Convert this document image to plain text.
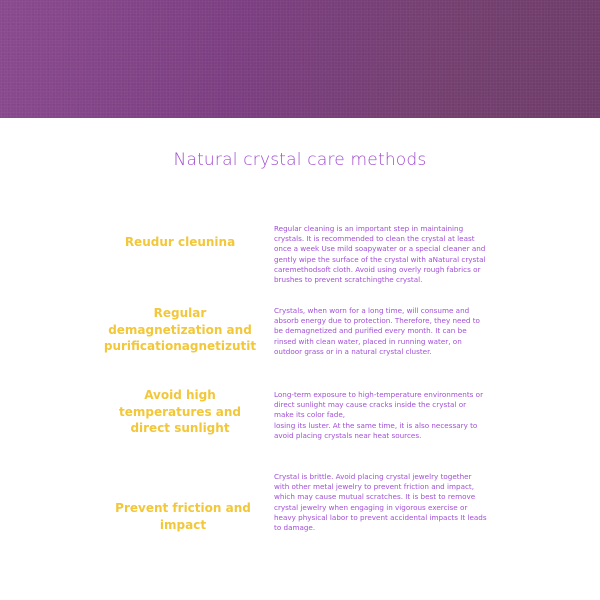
Natural crystal care methods
Reudur cleunina

Regular cleaning is an important step in maintaining crystals. It is recommended to clean the crystal at least once a week Use mild soapywater or a special cleaner and gently wipe the surface of the crystal with aNatural crystal caremethodsoft cloth. Avoid using overly rough fabrics or brushes to prevent scratchingthe crystal.

Regular demagnetization and purificationagnetizutit

Crystals, when worn for a long time, will consume and absorb energy due to protection. Therefore, they need to be demagnetized and purified every month. It can be rinsed with clean water, placed in running water, on outdoor grass or in a natural crystal cluster.

Avoid high temperatures and direct sunlight

Long-term exposure to high-temperature environments or direct sunlight may cause cracks inside the crystal or make its color fade,
losing its luster. At the same time, it is also necessary to avoid placing crystals near heat sources.

Prevent friction and impact

Crystal is brittle. Avoid placing crystal jewelry together with other metal jewelry to prevent friction and impact, which may cause mutual scratches. It is best to remove crystal jewelry when engaging in vigorous exercise or heavy physical labor to prevent accidental impacts It leads to damage.
